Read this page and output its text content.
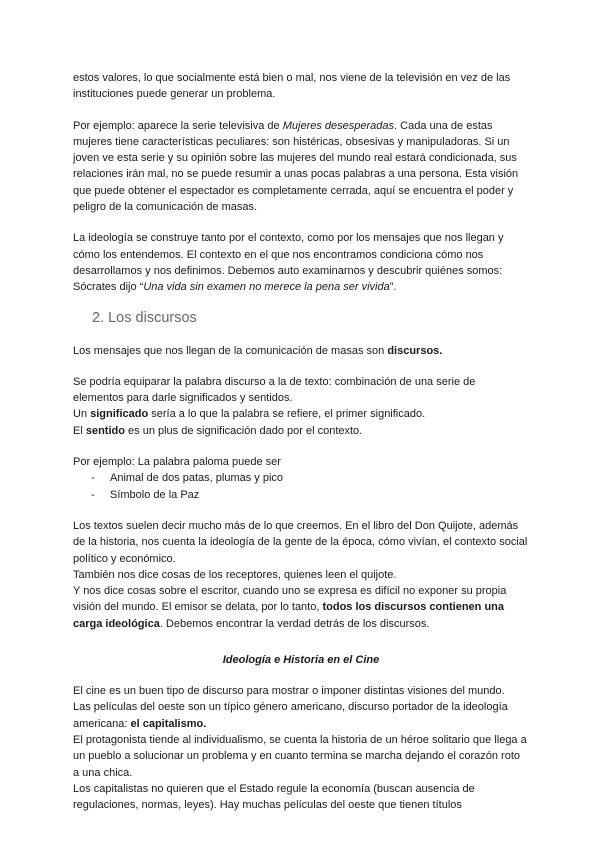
estos valores, lo que socialmente está bien o mal, nos viene de la televisión en vez de las instituciones puede generar un problema.

Por ejemplo: aparece la serie televisiva de Mujeres desesperadas. Cada una de estas mujeres tiene características peculiares: son histéricas, obsesivas y manipuladoras. Si un joven ve esta serie y su opinión sobre las mujeres del mundo real estará condicionada, sus relaciones irán mal, no se puede resumir a unas pocas palabras a una persona. Esta visión que puede obtener el espectador es completamente cerrada, aquí se encuentra el poder y peligro de la comunicación de masas.

La ideología se construye tanto por el contexto, como por los mensajes que nos llegan y cómo los entendemos. El contexto en el que nos encontramos condiciona cómo nos desarrollamos y nos definimos. Debemos auto examinarnos y descubrir quiénes somos: Sócrates dijo “Una vida sin examen no merece la pena ser vivida”.

2. Los discursos

Los mensajes que nos llegan de la comunicación de masas son discursos.

Se podría equiparar la palabra discurso a la de texto: combinación de una serie de elementos para darle significados y sentidos.

Un significado sería a lo que la palabra se refiere, el primer significado.

El sentido es un plus de significación dado por el contexto.

Por ejemplo: La palabra paloma puede ser

- Animal de dos patas, plumas y pico
- Símbolo de la Paz

Los textos suelen decir mucho más de lo que creemos. En el libro del Don Quijote, además de la historia, nos cuenta la ideología de la gente de la época, cómo vivían, el contexto social político y económico.

También nos dice cosas de los receptores, quienes leen el quijote.

Y nos dice cosas sobre el escritor, cuando uno se expresa es difícil no exponer su propia visión del mundo. El emisor se delata, por lo tanto, todos los discursos contienen una carga ideológica. Debemos encontrar la verdad detrás de los discursos.

Ideología e Historia en el Cine

El cine es un buen tipo de discurso para mostrar o imponer distintas visiones del mundo.

Las películas del oeste son un típico género americano, discurso portador de la ideología americana: el capitalismo.

El protagonista tiende al individualismo, se cuenta la historia de un héroe solitario que llega a un pueblo a solucionar un problema y en cuanto termina se marcha dejando el corazón roto a una chica.

Los capitalistas no quieren que el Estado regule la economía (buscan ausencia de regulaciones, normas, leyes). Hay muchas películas del oeste que tienen títulos
